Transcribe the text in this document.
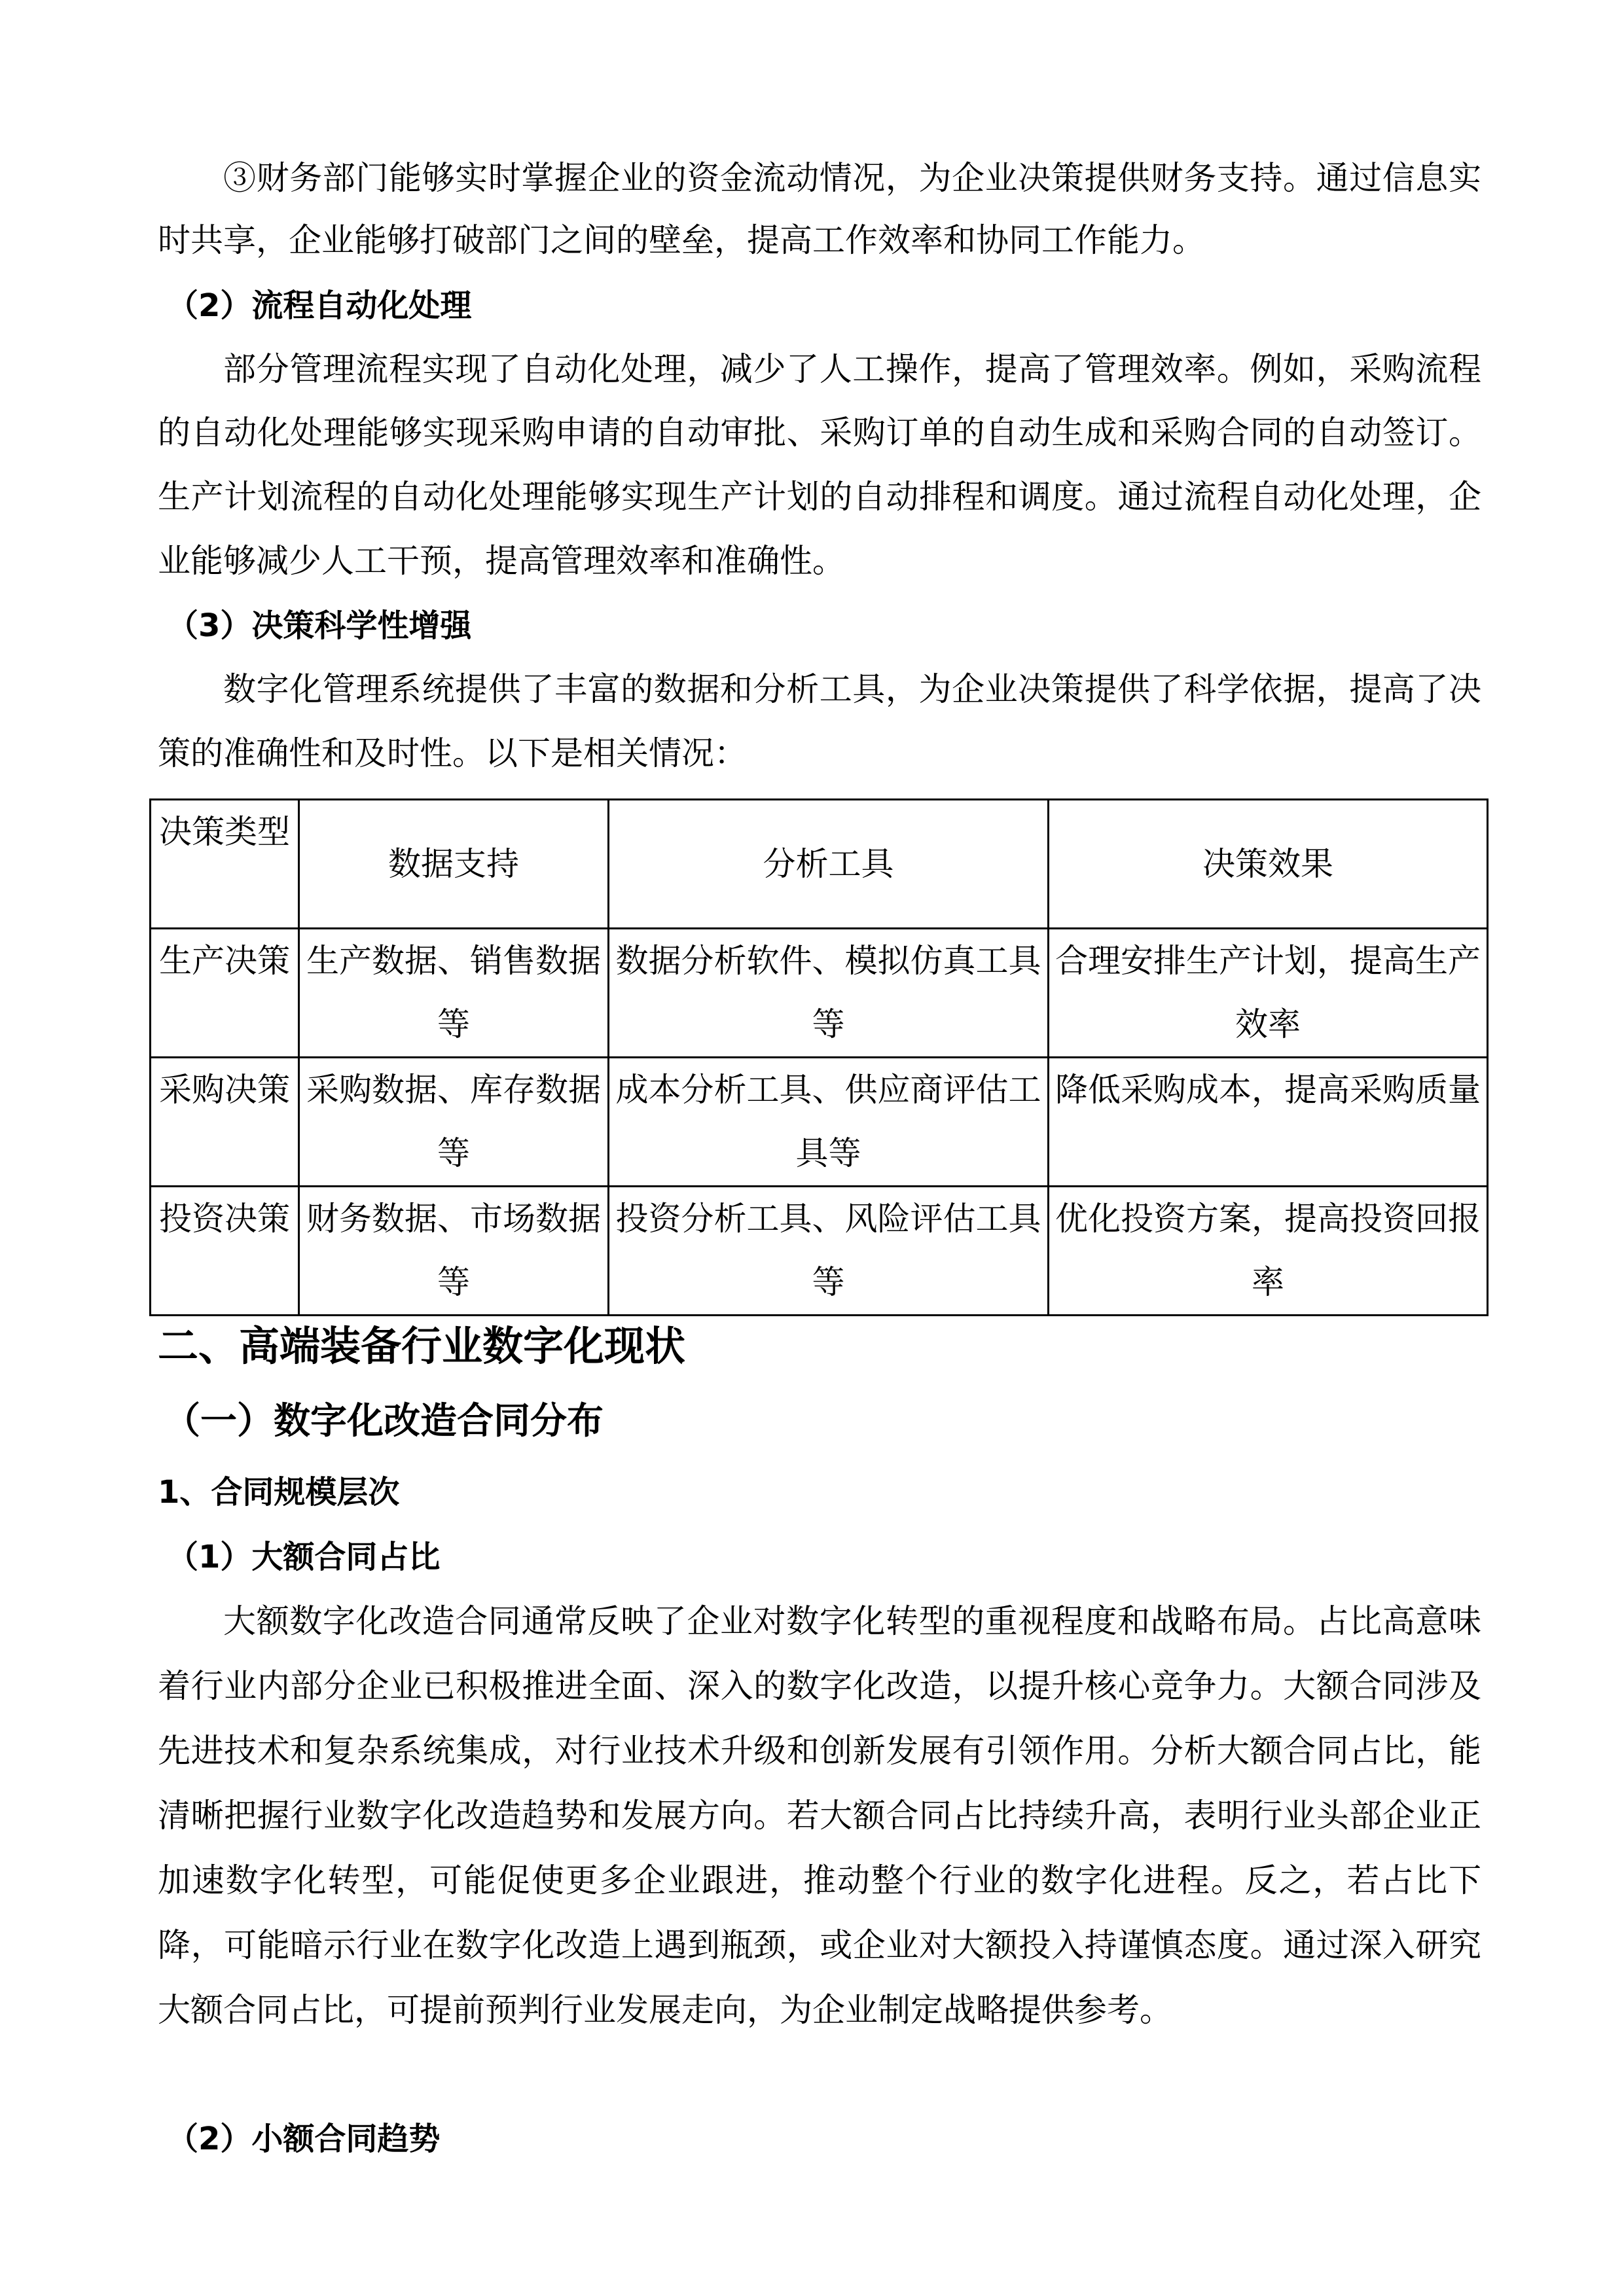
③财务部门能够实时掌握企业的资金流动情况，为企业决策提供财务支持。通过信息实
时共享，企业能够打破部门之间的壁垒，提高工作效率和协同工作能力。
（2）流程自动化处理
部分管理流程实现了自动化处理，减少了人工操作，提高了管理效率。例如，采购流程
的自动化处理能够实现采购申请的自动审批、采购订单的自动生成和采购合同的自动签订。
生产计划流程的自动化处理能够实现生产计划的自动排程和调度。通过流程自动化处理，企
业能够减少人工干预，提高管理效率和准确性。
（3）决策科学性增强
数字化管理系统提供了丰富的数据和分析工具，为企业决策提供了科学依据，提高了决
策的准确性和及时性。以下是相关情况：
决策类型	数据支持	分析工具	决策效果
生产决策	生产数据、销售数据等	数据分析软件、模拟仿真工具等	合理安排生产计划，提高生产效率
采购决策	采购数据、库存数据等	成本分析工具、供应商评估工具等	降低采购成本，提高采购质量
投资决策	财务数据、市场数据等	投资分析工具、风险评估工具等	优化投资方案，提高投资回报率
二、高端装备行业数字化现状
（一）数字化改造合同分布
1、合同规模层次
（1）大额合同占比
大额数字化改造合同通常反映了企业对数字化转型的重视程度和战略布局。占比高意味
着行业内部分企业已积极推进全面、深入的数字化改造，以提升核心竞争力。大额合同涉及
先进技术和复杂系统集成，对行业技术升级和创新发展有引领作用。分析大额合同占比，能
清晰把握行业数字化改造趋势和发展方向。若大额合同占比持续升高，表明行业头部企业正
加速数字化转型，可能促使更多企业跟进，推动整个行业的数字化进程。反之，若占比下
降，可能暗示行业在数字化改造上遇到瓶颈，或企业对大额投入持谨慎态度。通过深入研究
大额合同占比，可提前预判行业发展走向，为企业制定战略提供参考。
（2）小额合同趋势
